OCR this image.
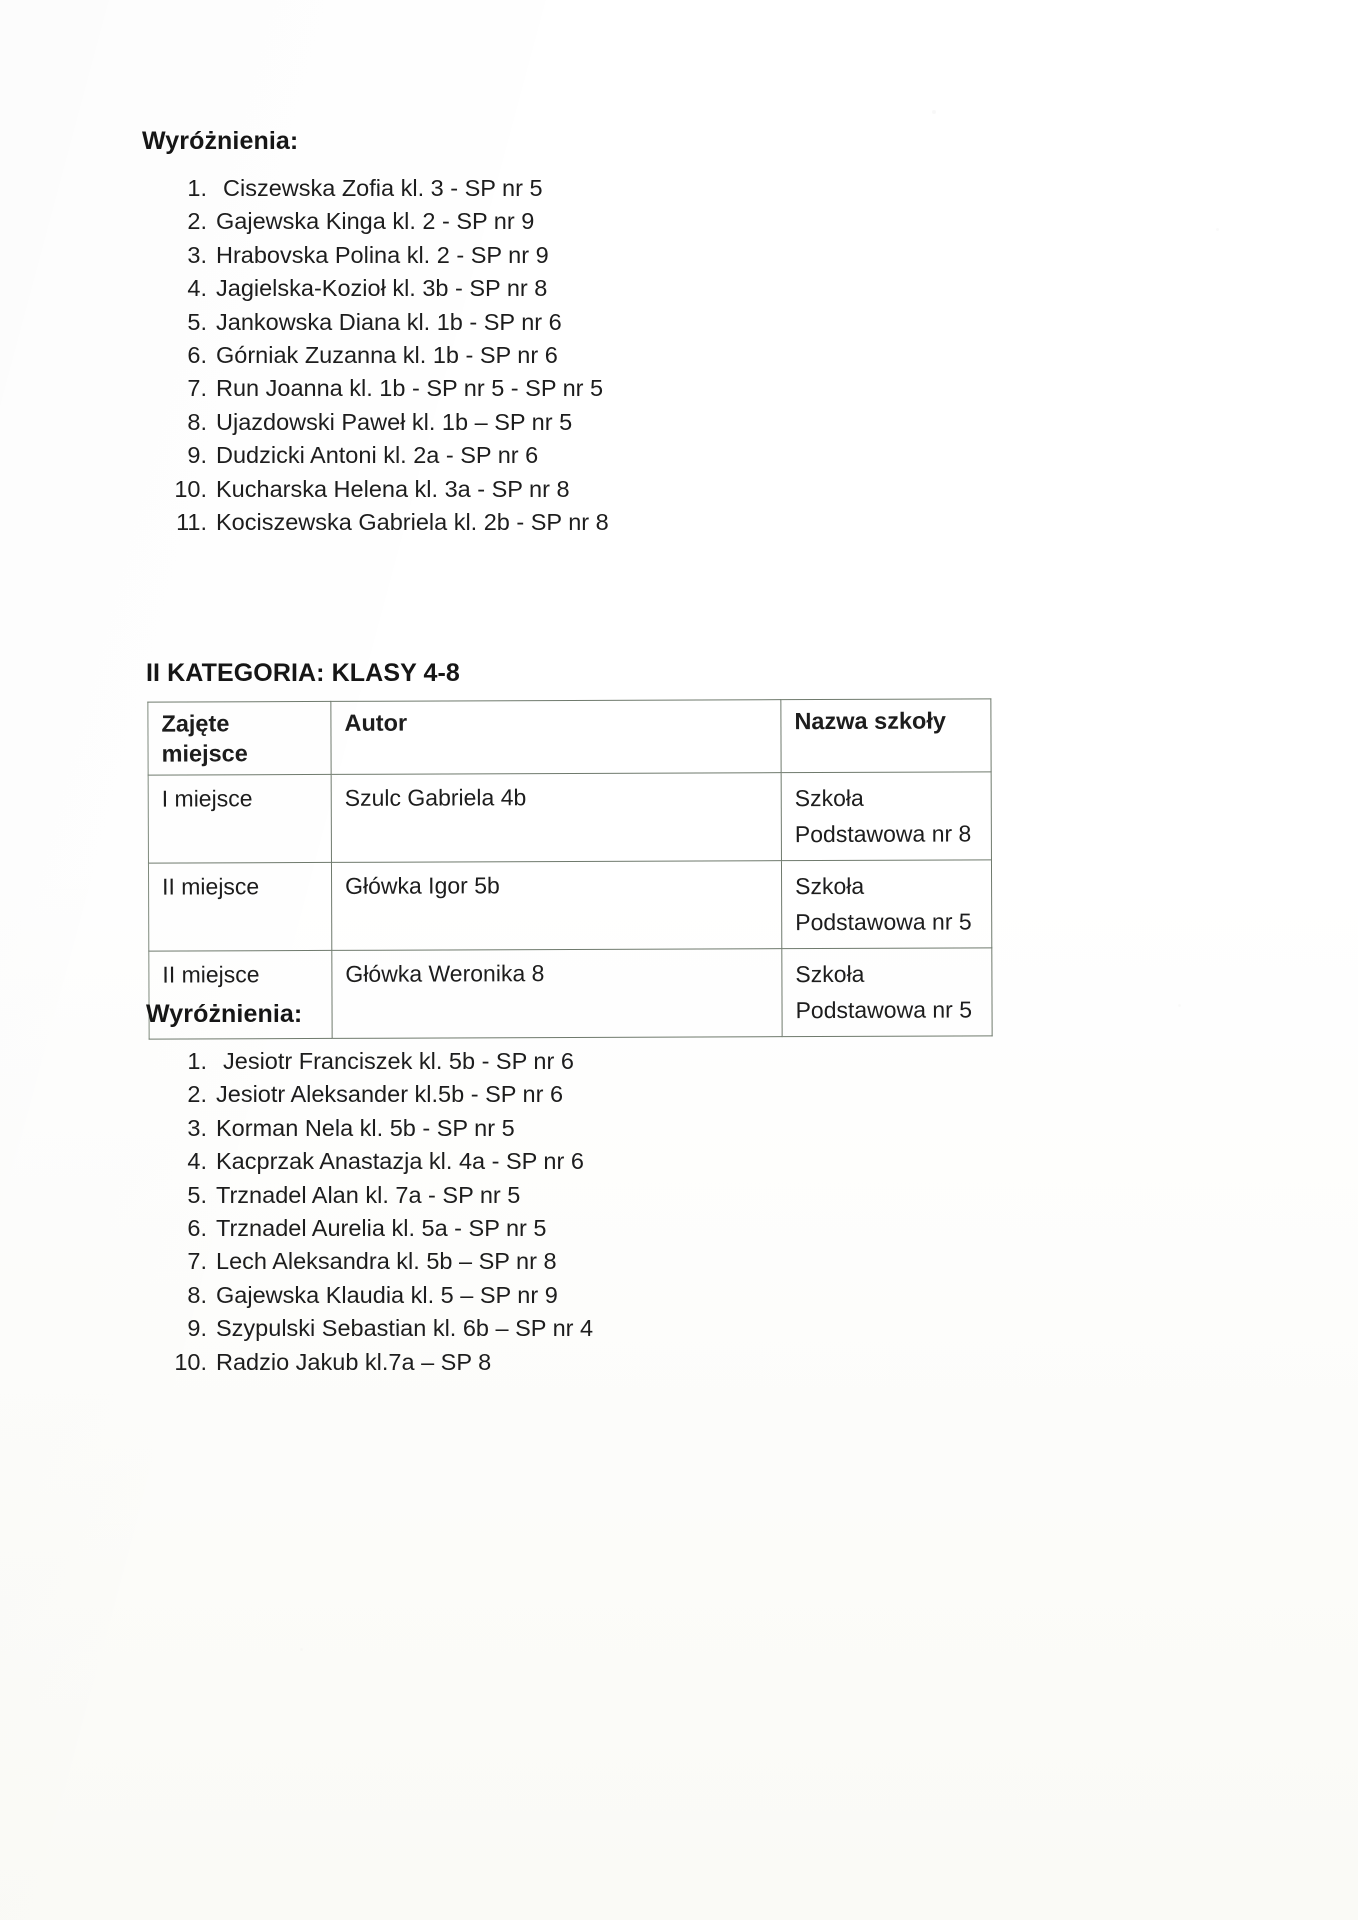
Wyróżnienia:
1. Ciszewska Zofia kl. 3 - SP nr 5
2. Gajewska Kinga kl. 2 - SP nr 9
3. Hrabovska Polina kl. 2 - SP nr 9
4. Jagielska-Kozioł kl. 3b - SP nr 8
5. Jankowska Diana kl. 1b - SP nr 6
6. Górniak Zuzanna kl. 1b - SP nr 6
7. Run Joanna kl. 1b - SP nr 5 - SP nr 5
8. Ujazdowski Paweł kl. 1b – SP nr 5
9. Dudzicki Antoni kl. 2a - SP nr 6
10. Kucharska Helena kl. 3a - SP nr 8
11. Kociszewska Gabriela kl. 2b - SP nr 8
II KATEGORIA: KLASY 4-8
Zajęte miejsce	Autor	Nazwa szkoły
I miejsce	Szulc Gabriela 4b	Szkoła
Podstawowa nr 8

II miejsce	Główka Igor 5b	Szkoła
Podstawowa nr 5

II miejsce	Główka Weronika 8	Szkoła
Podstawowa nr 5
Wyróżnienia:
1. Jesiotr Franciszek kl. 5b - SP nr 6
2. Jesiotr Aleksander kl.5b - SP nr 6
3. Korman Nela kl. 5b - SP nr 5
4. Kacprzak Anastazja kl. 4a - SP nr 6
5. Trznadel Alan kl. 7a - SP nr 5
6. Trznadel Aurelia kl. 5a - SP nr 5
7. Lech Aleksandra kl. 5b – SP nr 8
8. Gajewska Klaudia kl. 5 – SP nr 9
9. Szypulski Sebastian kl. 6b – SP nr 4
10. Radzio Jakub kl.7a – SP 8
